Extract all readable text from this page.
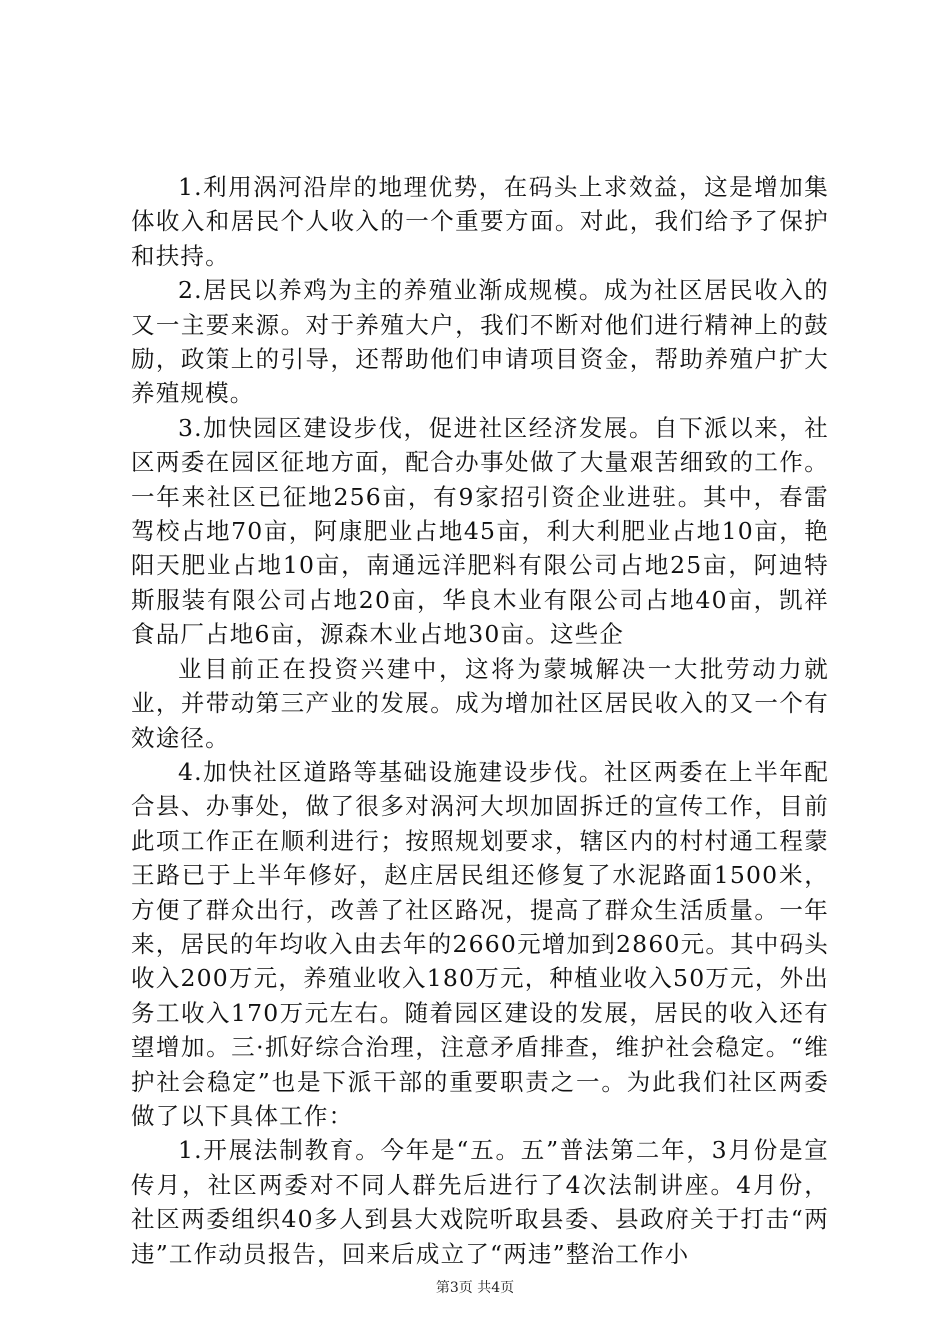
1.利用涡河沿岸的地理优势，在码头上求效益，这是增加集体收入和居民个人收入的一个重要方面。对此，我们给予了保护和扶持。

2.居民以养鸡为主的养殖业渐成规模。成为社区居民收入的又一主要来源。对于养殖大户，我们不断对他们进行精神上的鼓励，政策上的引导，还帮助他们申请项目资金，帮助养殖户扩大养殖规模。

3.加快园区建设步伐，促进社区经济发展。自下派以来，社区两委在园区征地方面，配合办事处做了大量艰苦细致的工作。一年来社区已征地256亩，有9家招引资企业进驻。其中，春雷驾校占地70亩，阿康肥业占地45亩，利大利肥业占地10亩，艳阳天肥业占地10亩，南通远洋肥料有限公司占地25亩，阿迪特斯服装有限公司占地20亩，华良木业有限公司占地40亩，凯祥食品厂占地6亩，源森木业占地30亩。这些企

业目前正在投资兴建中，这将为蒙城解决一大批劳动力就业，并带动第三产业的发展。成为增加社区居民收入的又一个有效途径。

4.加快社区道路等基础设施建设步伐。社区两委在上半年配合县、办事处，做了很多对涡河大坝加固拆迁的宣传工作，目前此项工作正在顺利进行；按照规划要求，辖区内的村村通工程蒙王路已于上半年修好，赵庄居民组还修复了水泥路面1500米，方便了群众出行，改善了社区路况，提高了群众生活质量。一年来，居民的年均收入由去年的2660元增加到2860元。其中码头收入200万元，养殖业收入180万元，种植业收入50万元，外出务工收入170万元左右。随着园区建设的发展，居民的收入还有望增加。三·抓好综合治理，注意矛盾排查，维护社会稳定。“维护社会稳定”也是下派干部的重要职责之一。为此我们社区两委做了以下具体工作：

1.开展法制教育。今年是“五。五”普法第二年，3月份是宣传月，社区两委对不同人群先后进行了4次法制讲座。4月份，社区两委组织40多人到县大戏院听取县委、县政府关于打击“两违”工作动员报告，回来后成立了“两违”整治工作小

第3页 共4页
